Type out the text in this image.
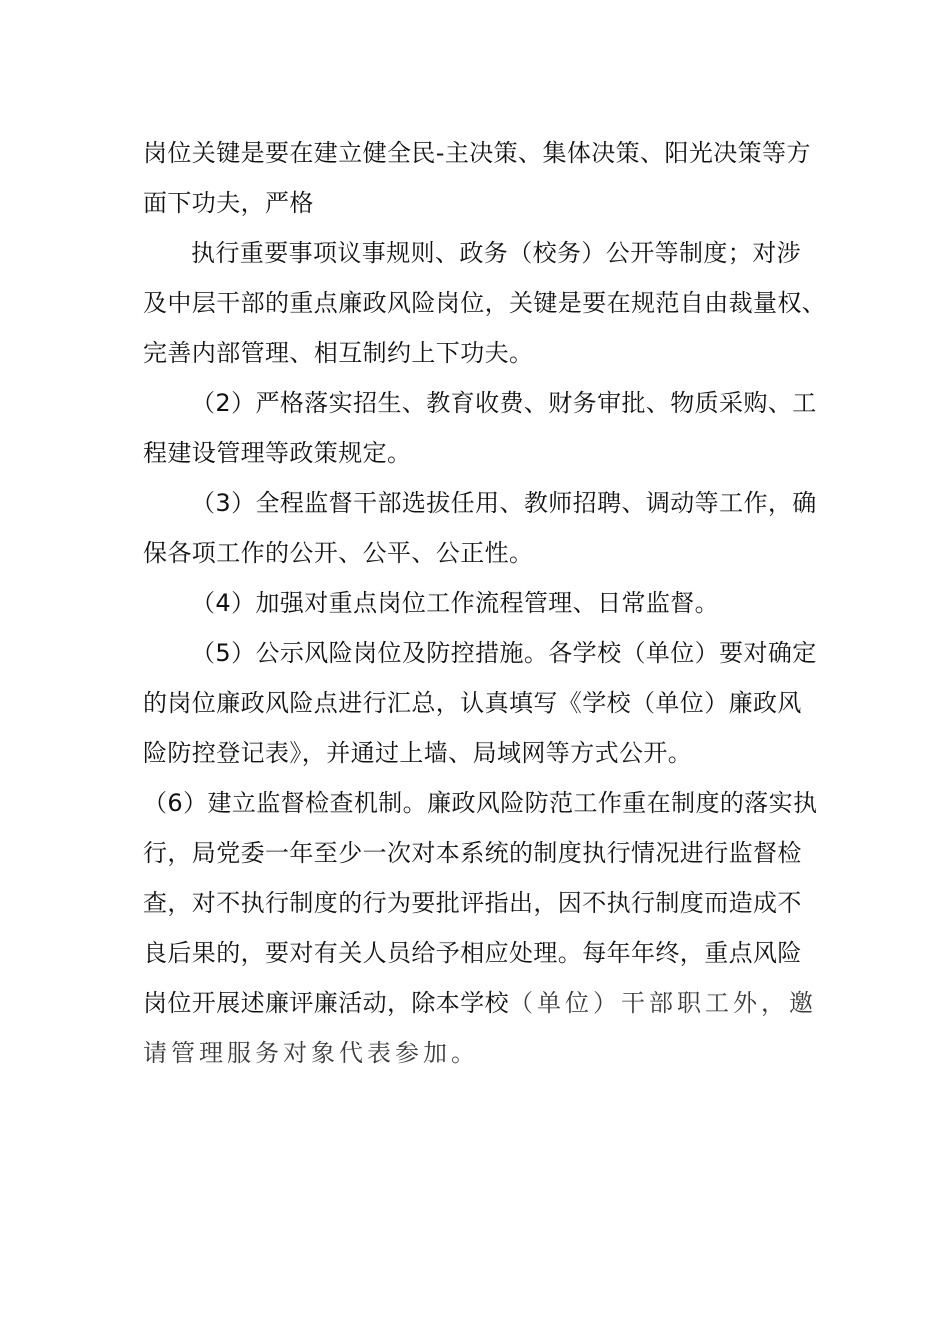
岗位关键是要在建立健全民-主决策、集体决策、阳光决策等方
面下功夫，严格
执行重要事项议事规则、政务（校务）公开等制度；对涉
及中层干部的重点廉政风险岗位，关键是要在规范自由裁量权、
完善内部管理、相互制约上下功夫。
（2）严格落实招生、教育收费、财务审批、物质采购、工
程建设管理等政策规定。
（3）全程监督干部选拔任用、教师招聘、调动等工作，确
保各项工作的公开、公平、公正性。
（4）加强对重点岗位工作流程管理、日常监督。
（5）公示风险岗位及防控措施。各学校（单位）要对确定
的岗位廉政风险点进行汇总，认真填写《学校（单位）廉政风
险防控登记表》，并通过上墙、局域网等方式公开。
（6）建立监督检查机制。廉政风险防范工作重在制度的落实执
行，局党委一年至少一次对本系统的制度执行情况进行监督检
查，对不执行制度的行为要批评指出，因不执行制度而造成不
良后果的，要对有关人员给予相应处理。每年年终，重点风险
岗位开展述廉评廉活动，除本学校（单位）干部职工外，邀
请管理服务对象代表参加。
